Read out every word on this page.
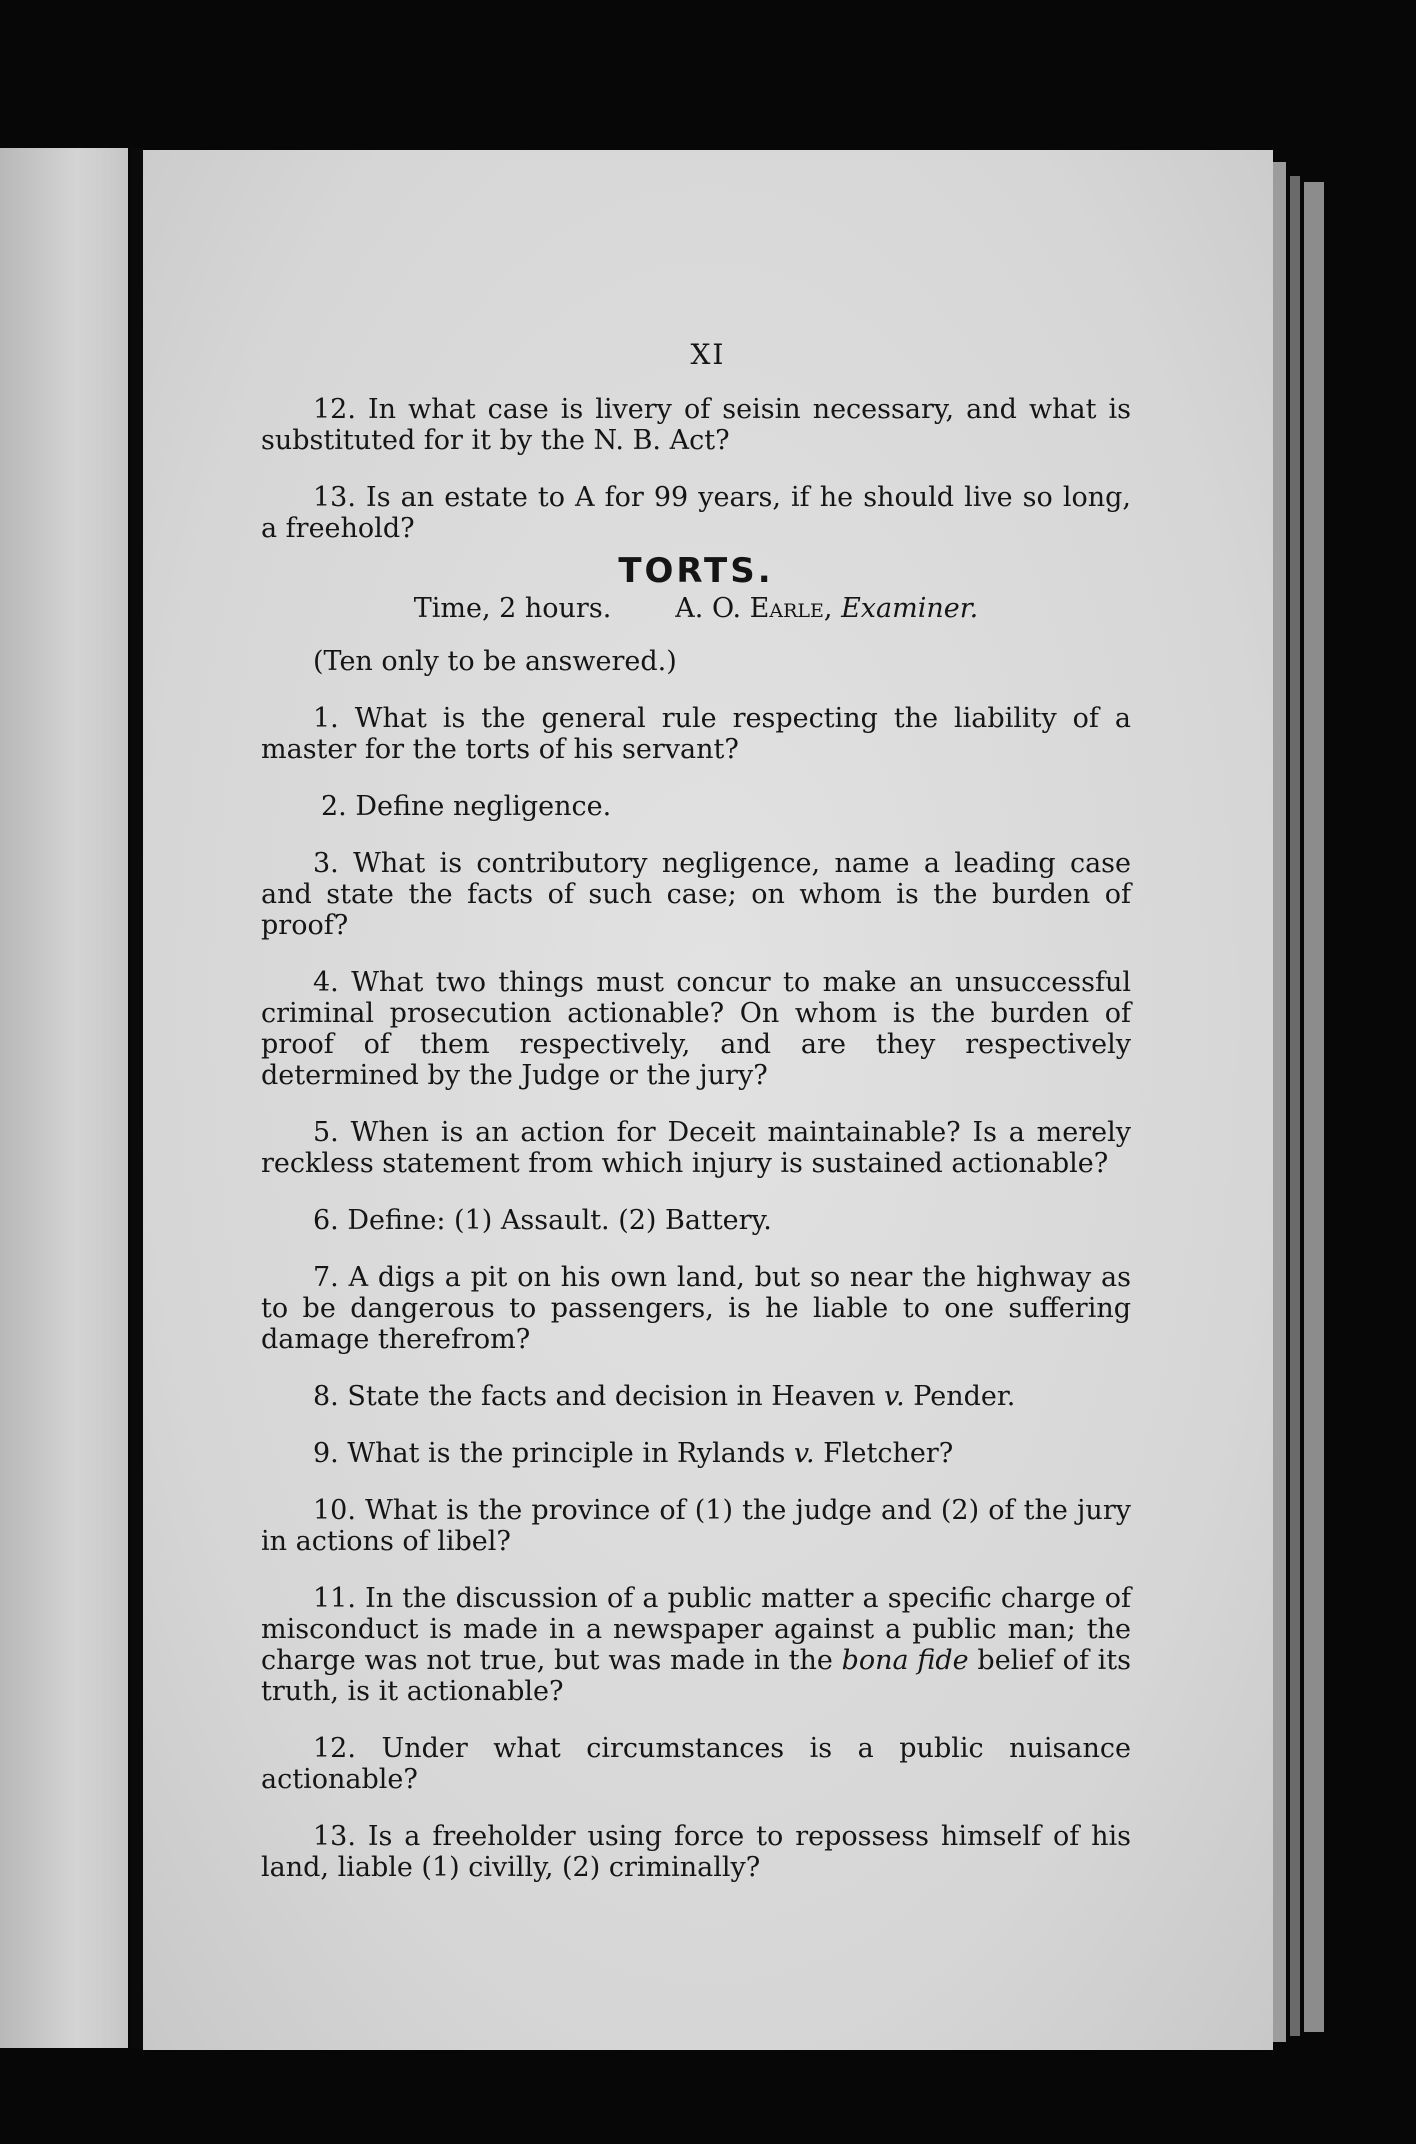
XI

12. In what case is livery of seisin necessary, and what is substituted for it by the N. B. Act?

13. Is an estate to A for 99 years, if he should live so long, a freehold?

TORTS.
Time, 2 hours. A. O. Earle, Examiner.

(Ten only to be answered.)

1. What is the general rule respecting the liability of a master for the torts of his servant?

2. Define negligence.

3. What is contributory negligence, name a leading case and state the facts of such case; on whom is the burden of proof?

4. What two things must concur to make an unsuccessful criminal prosecution actionable? On whom is the burden of proof of them respectively, and are they respectively determined by the Judge or the jury?

5. When is an action for Deceit maintainable? Is a merely reckless statement from which injury is sustained actionable?

6. Define: (1) Assault. (2) Battery.

7. A digs a pit on his own land, but so near the highway as to be dangerous to passengers, is he liable to one suffering damage therefrom?

8. State the facts and decision in Heaven v. Pender.

9. What is the principle in Rylands v. Fletcher?

10. What is the province of (1) the judge and (2) of the jury in actions of libel?

11. In the discussion of a public matter a specific charge of misconduct is made in a newspaper against a public man; the charge was not true, but was made in the bona fide belief of its truth, is it actionable?

12. Under what circumstances is a public nuisance actionable?

13. Is a freeholder using force to repossess himself of his land, liable (1) civilly, (2) criminally?
